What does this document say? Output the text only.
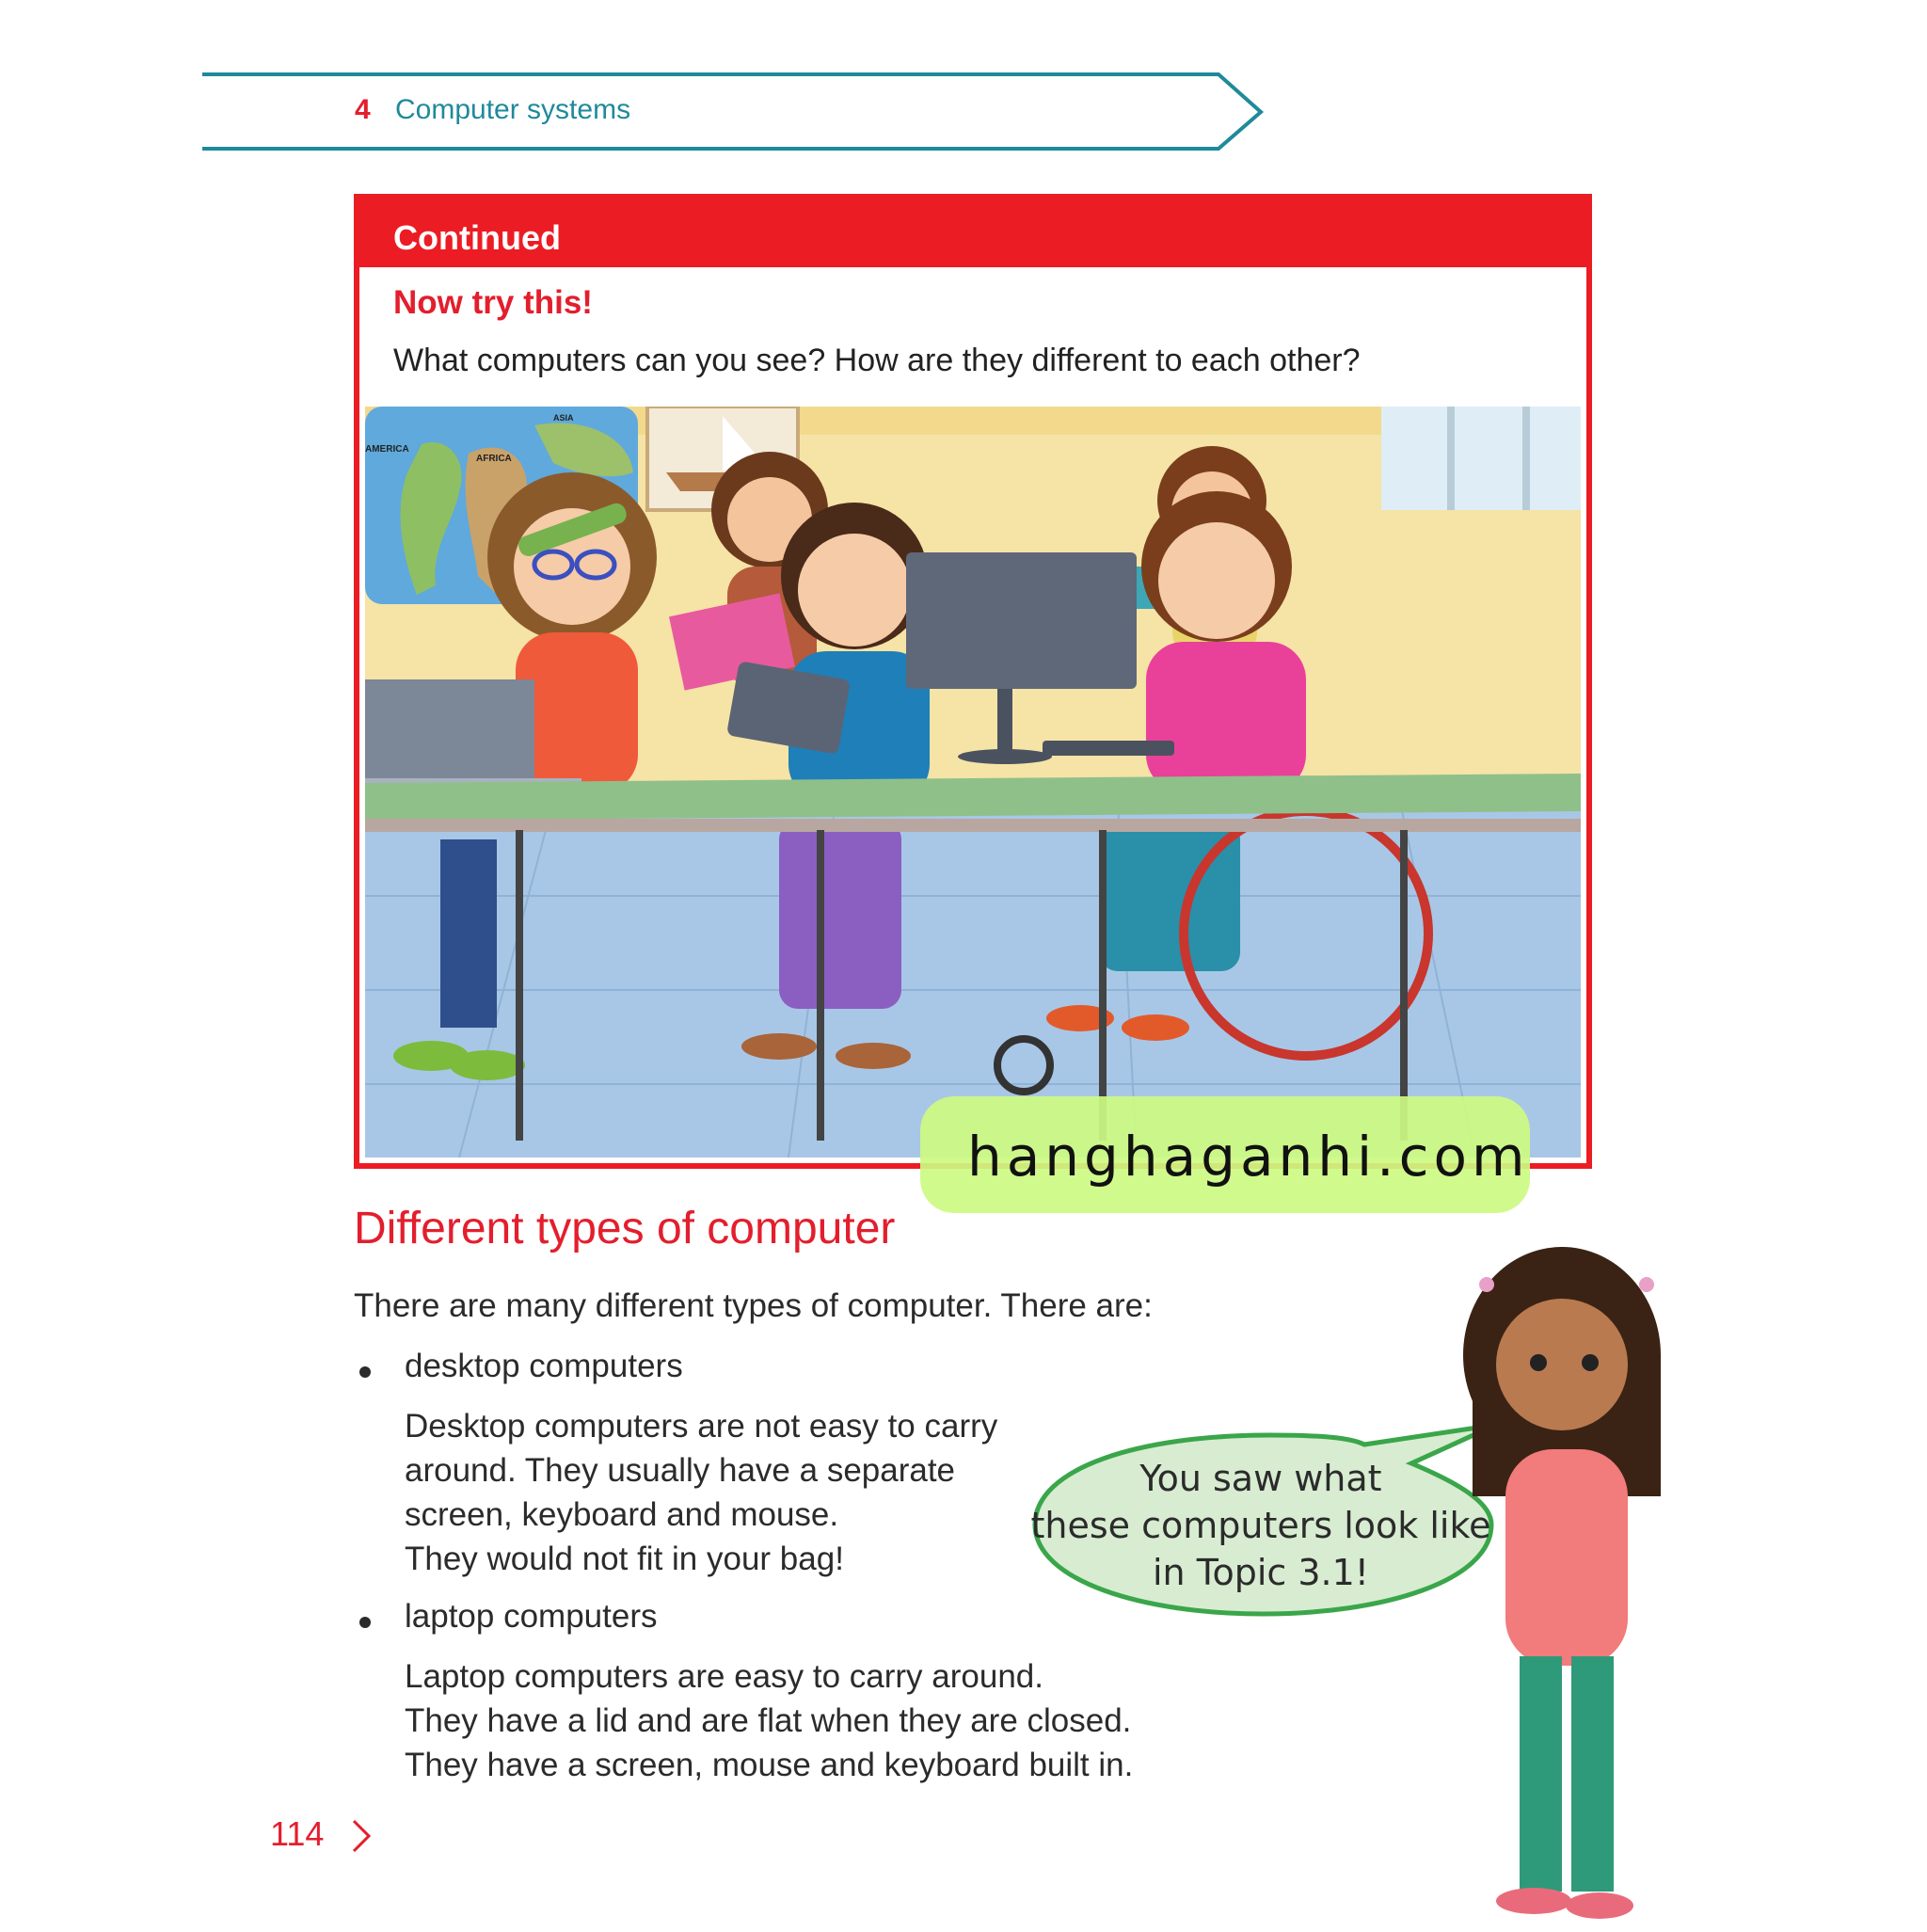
4 Computer systems
Continued
Now try this!
What computers can you see? How are they different to each other?
AMERICA
AFRICA
ASIA
hanghaganhi.com
Different types of computer
There are many different types of computer. There are:
desktop computers
Desktop computers are not easy to carry
around. They usually have a separate
screen, keyboard and mouse.
They would not fit in your bag!
laptop computers
Laptop computers are easy to carry around.
They have a lid and are flat when they are closed.
They have a screen, mouse and keyboard built in.
You saw what
these computers look like
in Topic 3.1!
114
